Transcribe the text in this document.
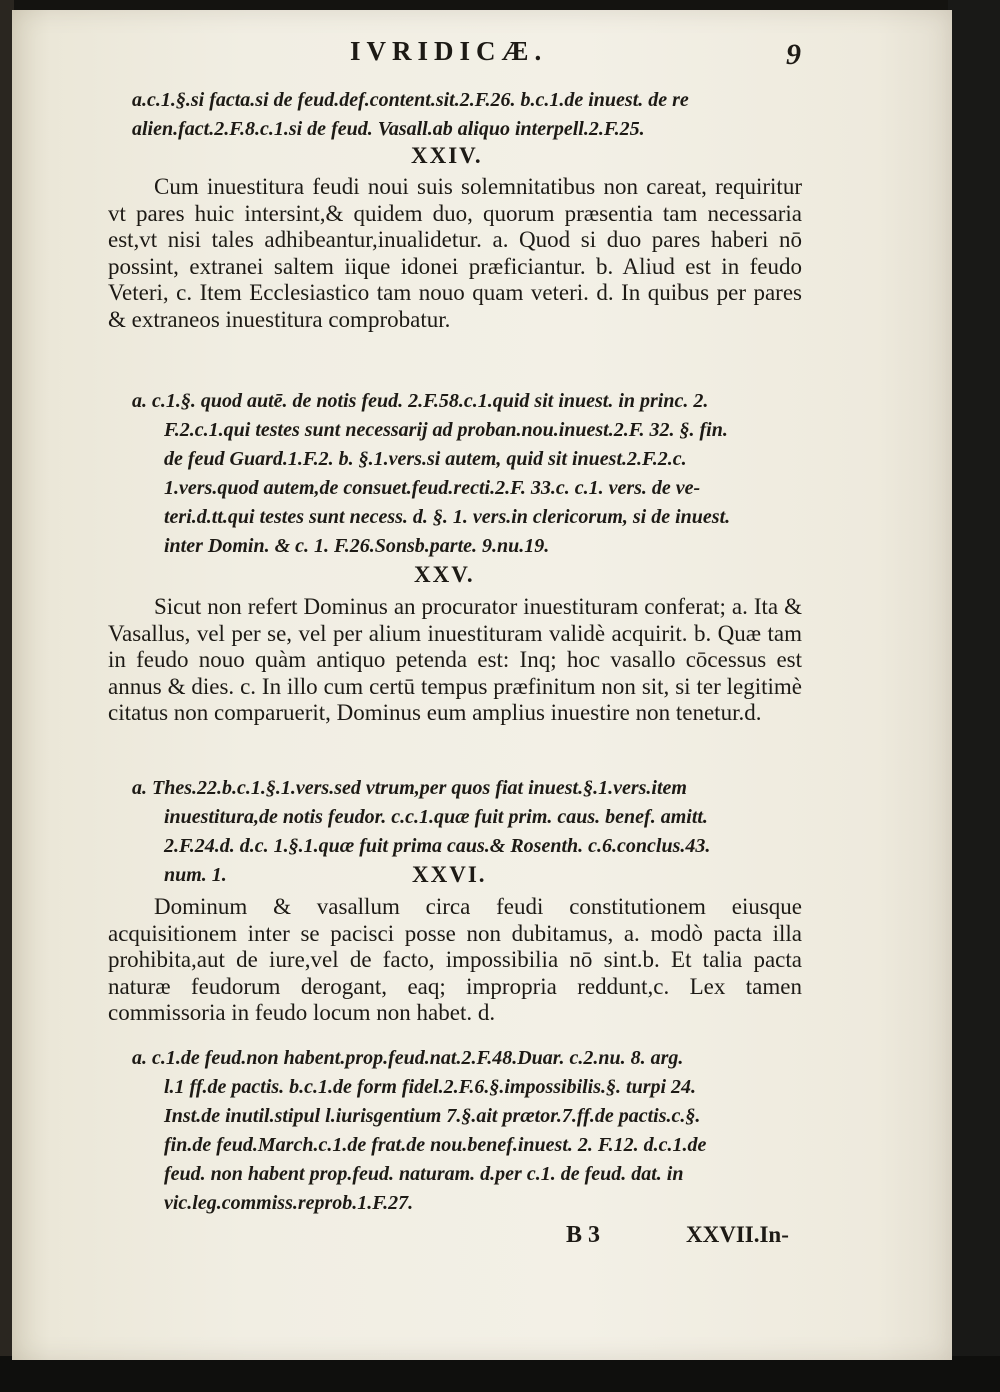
IVRIDICÆ.	9

a.c.1.§.si facta.si de feud.def.content.sit.2.F.26. b.c.1.de inuest. de re

alien.fact.2.F.8.c.1.si de feud. Vasall.ab aliquo interpell.2.F.25.

XXIV.

Cum inuestitura feudi noui suis solemnitatibus non careat, requiritur vt pares huic intersint,& quidem duo, quorum præsentia tam necessaria est,vt nisi tales adhibeantur,inualidetur. a. Quod si duo pares haberi nō possint, extranei saltem iique idonei præficiantur. b. Aliud est in feudo Veteri, c. Item Ecclesiastico tam nouo quam veteri. d. In quibus per pares & extraneos inuestitura comprobatur.

a. c.1.§. quod autē. de notis feud. 2.F.58.c.1.quid sit inuest. in princ. 2.

F.2.c.1.qui testes sunt necessarij ad proban.nou.inuest.2.F. 32. §. fin.

de feud Guard.1.F.2. b. §.1.vers.si autem, quid sit inuest.2.F.2.c.

1.vers.quod autem,de consuet.feud.recti.2.F. 33.c. c.1. vers. de ve-

teri.d.tt.qui testes sunt necess. d. §. 1. vers.in clericorum, si de inuest.

inter Domin. & c. 1. F.26.Sonsb.parte. 9.nu.19.

XXV.

Sicut non refert Dominus an procurator inuestituram conferat; a. Ita & Vasallus, vel per se, vel per alium inuestituram validè acquirit. b. Quæ tam in feudo nouo quàm antiquo petenda est: Inq; hoc vasallo cōcessus est annus & dies. c. In illo cum certū tempus præfinitum non sit, si ter legitimè citatus non comparuerit, Dominus eum amplius inuestire non tenetur.d.

a. Thes.22.b.c.1.§.1.vers.sed vtrum,per quos fiat inuest.§.1.vers.item

inuestitura,de notis feudor. c.c.1.quæ fuit prim. caus. benef. amitt.

2.F.24.d. d.c. 1.§.1.quæ fuit prima caus.& Rosenth. c.6.conclus.43.

num. 1.	XXVI.

Dominum & vasallum circa feudi constitutionem eiusque acquisitionem inter se pacisci posse non dubitamus, a. modò pacta illa prohibita,aut de iure,vel de facto, impossibilia nō sint.b. Et talia pacta naturæ feudorum derogant, eaq; impropria reddunt,c. Lex tamen commissoria in feudo locum non habet. d.

a. c.1.de feud.non habent.prop.feud.nat.2.F.48.Duar. c.2.nu. 8. arg.

l.1 ff.de pactis. b.c.1.de form fidel.2.F.6.§.impossibilis.§. turpi 24.

Inst.de inutil.stipul l.iurisgentium 7.§.ait prætor.7.ff.de pactis.c.§.

fin.de feud.March.c.1.de frat.de nou.benef.inuest. 2. F.12. d.c.1.de

feud. non habent prop.feud. naturam. d.per c.1. de feud. dat. in

vic.leg.commiss.reprob.1.F.27.

B 3	XXVII.In-
